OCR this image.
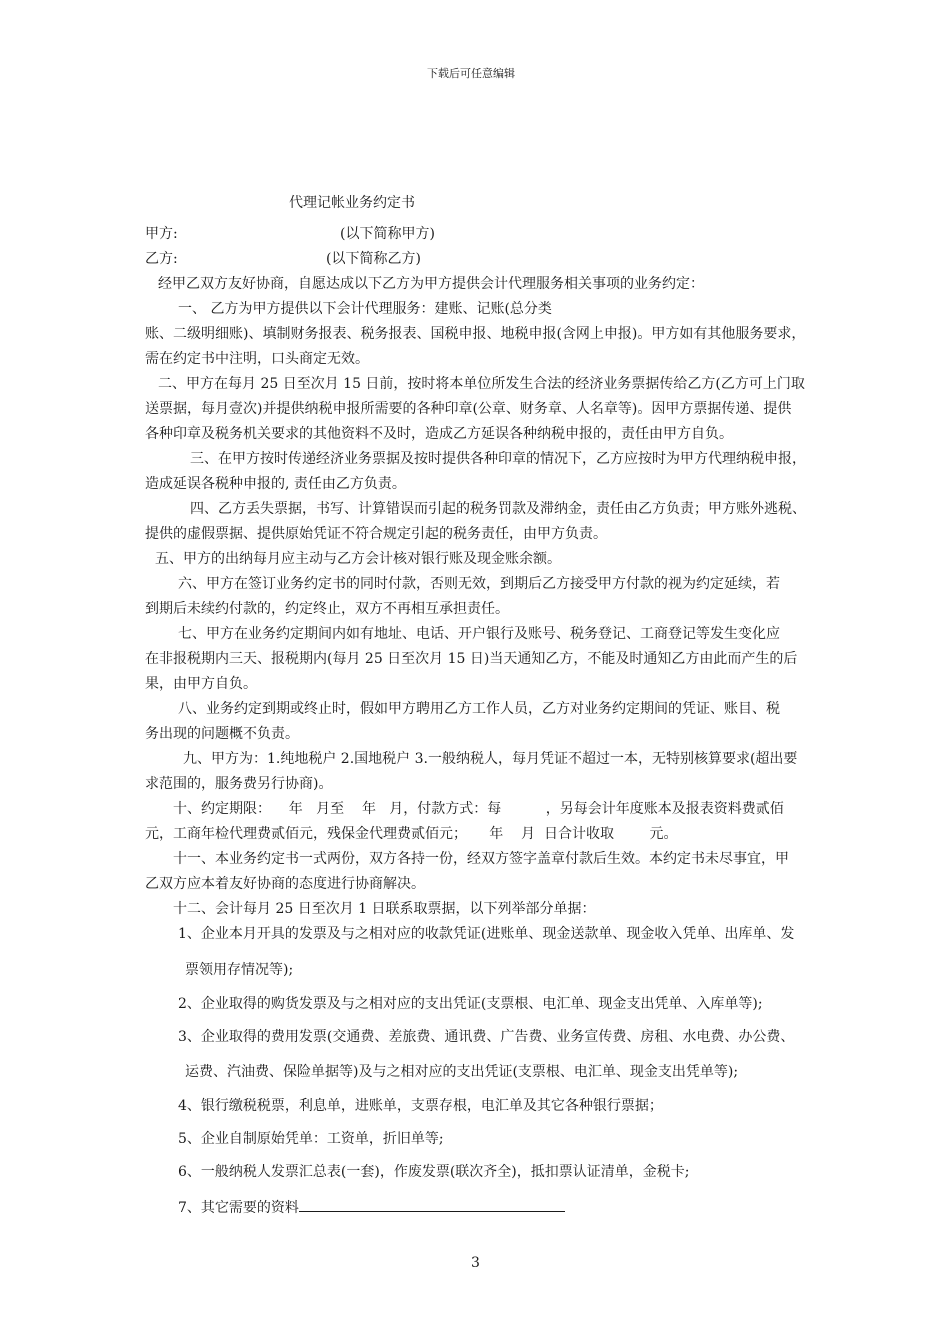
下载后可任意编辑
代理记帐业务约定书
甲方:	(以下简称甲方)
乙方:	(以下简称乙方)
经甲乙双方友好协商，自愿达成以下乙方为甲方提供会计代理服务相关事项的业务约定：
一、 乙方为甲方提供以下会计代理服务：建账、记账(总分类
账、二级明细账)、填制财务报表、税务报表、国税申报、地税申报(含网上申报)。甲方如有其他服务要求，
需在约定书中注明，口头商定无效。
二、甲方在每月 25 日至次月 15 日前，按时将本单位所发生合法的经济业务票据传给乙方(乙方可上门取
送票据，每月壹次)并提供纳税申报所需要的各种印章(公章、财务章、人名章等)。因甲方票据传递、提供
各种印章及税务机关要求的其他资料不及时，造成乙方延误各种纳税申报的，责任由甲方自负。
三、在甲方按时传递经济业务票据及按时提供各种印章的情况下，乙方应按时为甲方代理纳税申报，
造成延误各税种申报的, 责任由乙方负责。
四、乙方丢失票据，书写、计算错误而引起的税务罚款及滞纳金，责任由乙方负责；甲方账外逃税、
提供的虚假票据、提供原始凭证不符合规定引起的税务责任，由甲方负责。
五、甲方的出纳每月应主动与乙方会计核对银行账及现金账余额。
六、甲方在签订业务约定书的同时付款，否则无效，到期后乙方接受甲方付款的视为约定延续，若
到期后未续约付款的，约定终止，双方不再相互承担责任。
七、甲方在业务约定期间内如有地址、电话、开户银行及账号、税务登记、工商登记等发生变化应
在非报税期内三天、报税期内(每月 25 日至次月 15 日)当天通知乙方，不能及时通知乙方由此而产生的后
果，由甲方自负。
八、业务约定到期或终止时，假如甲方聘用乙方工作人员，乙方对业务约定期间的凭证、账目、税
务出现的问题概不负责。
九、甲方为：1.纯地税户 2.国地税户 3.一般纳税人，每月凭证不超过一本，无特别核算要求(超出要
求范围的，服务费另行协商)。
十、约定期限：    年   月至    年   月，付款方式：每          ，另每会计年度账本及报表资料费贰佰
元，工商年检代理费贰佰元，残保金代理费贰佰元；     年    月  日合计收取        元。
十一、本业务约定书一式两份，双方各持一份，经双方签字盖章付款后生效。本约定书未尽事宜，甲
乙双方应本着友好协商的态度进行协商解决。
十二、会计每月 25 日至次月 1 日联系取票据，以下列举部分单据：
1、企业本月开具的发票及与之相对应的收款凭证(进账单、现金送款单、现金收入凭单、出库单、发
票领用存情况等);
2、企业取得的购货发票及与之相对应的支出凭证(支票根、电汇单、现金支出凭单、入库单等);
3、企业取得的费用发票(交通费、差旅费、通讯费、广告费、业务宣传费、房租、水电费、办公费、
运费、汽油费、保险单据等)及与之相对应的支出凭证(支票根、电汇单、现金支出凭单等);
4、银行缴税税票，利息单，进账单，支票存根，电汇单及其它各种银行票据；
5、企业自制原始凭单：工资单，折旧单等;
6、一般纳税人发票汇总表(一套)，作废发票(联次齐全)，抵扣票认证清单，金税卡;
7、其它需要的资料
3
